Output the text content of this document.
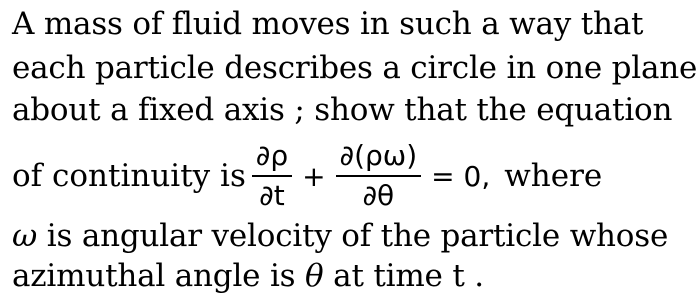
A mass of fluid moves in such a way that
each particle describes a circle in one plane
about a fixed axis ; show that the equation
of continuity is $\frac{\partial\rho}{\partial t} + \frac{\partial(\rho\omega)}{\partial\theta} = 0$, where
ω is angular velocity of the particle whose
azimuthal angle is θ at time t .
